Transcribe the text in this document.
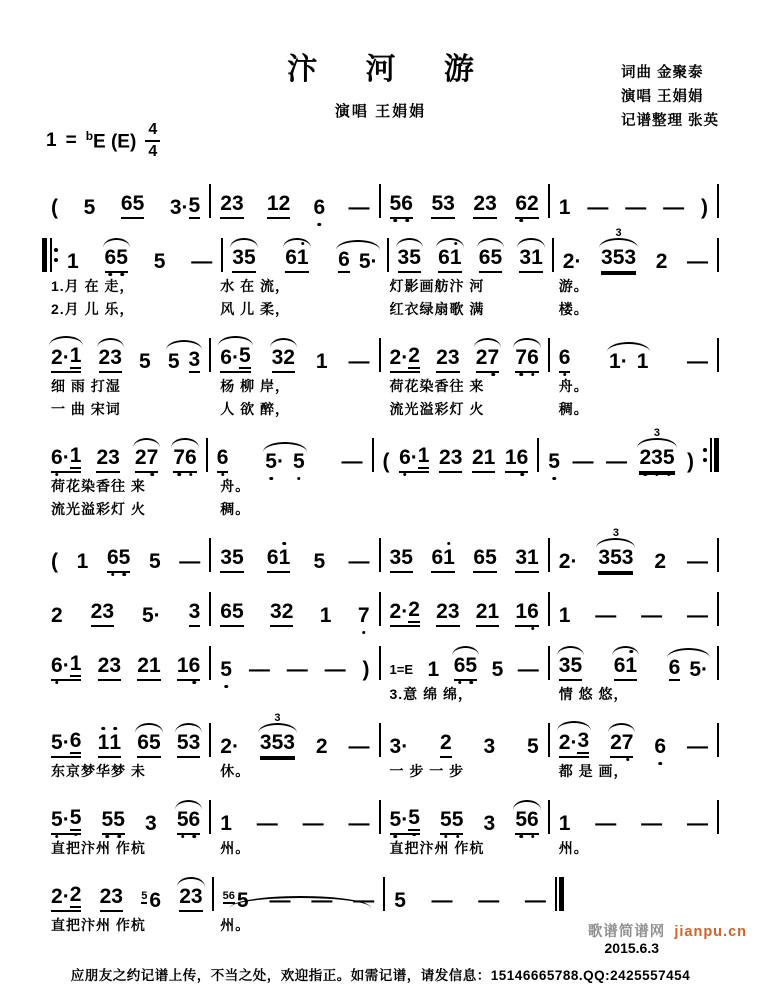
汴 河 游
演唱 王娟娟
词曲 金聚泰
演唱 王娟娟
记谱整理 张英
1 = $^b$E $(E) \frac{4}{4}$
( 5 6 5 3 · 5 2 3 1 2 6 — 5 6 5 3 2 3 6 2 1 — — — )
1 6 5 5 — 3 5 6 1 6 5 · 3 5 6 1 6 5 3 1 2 ·
3
3 5 3 2 —
1.月 在 走，	水 在 流，	灯影画舫汴 河	游。
2.月 儿 乐，	风 儿 柔，	红衣绿扇歌 满	楼。
2 · 1 2 3 5 5 3 6 · 5 3 2 1 — 2 · 2 2 3 2 7 7 6 6 1 · 1 —
细 雨 打湿	杨 柳 岸，	荷花染香往 来	舟。
一 曲 宋词	人 欲 醉，	流光溢彩灯 火	稠。
6 · 1 2 3 2 7 7 6 6 5 · 5 — ( 6 · 1 2 3 2 1 1 6 5 — —
3
2 3 5 )
荷花染香往 来	舟。
流光溢彩灯 火	稠。
( 1 6 5 5 — 3 5 6 1 5 — 3 5 6 1 6 5 3 1 2 ·
3
3 5 3 2 —
2 2 3 5 · 3 6 5 3 2 1 7 2 · 2 2 3 2 1 1 6 1 — — —
6 · 1 2 3 2 1 1 6 5 — — — ) 1=E 1 6 5 5 — 3 5 6 1 6 5 ·
3.意 绵 绵，	情 悠 悠，
5 · 6 1 1 6 5 5 3 2 ·
3
3 5 3 2 — 3 · 2 3 5 2 · 3 2 7 6 —
东京梦华梦 未	休。	一 步 一 步	都 是 画，
5 · 5 5 5 3 5 6 1 — — — 5 · 5 5 5 3 5 6 1 — — —
直把汴州 作杭	州。	直把汴州 作杭	州。
2 · 2 2 3 5 6 2 3 56 5 — — — 5 — — —
直把汴州 作杭	州。
2015.6.3
应朋友之约记谱上传，不当之处，欢迎指正。如需记谱，请发信息：15146665788.QQ:2425557454
歌谱简谱网 jianpu.cn
